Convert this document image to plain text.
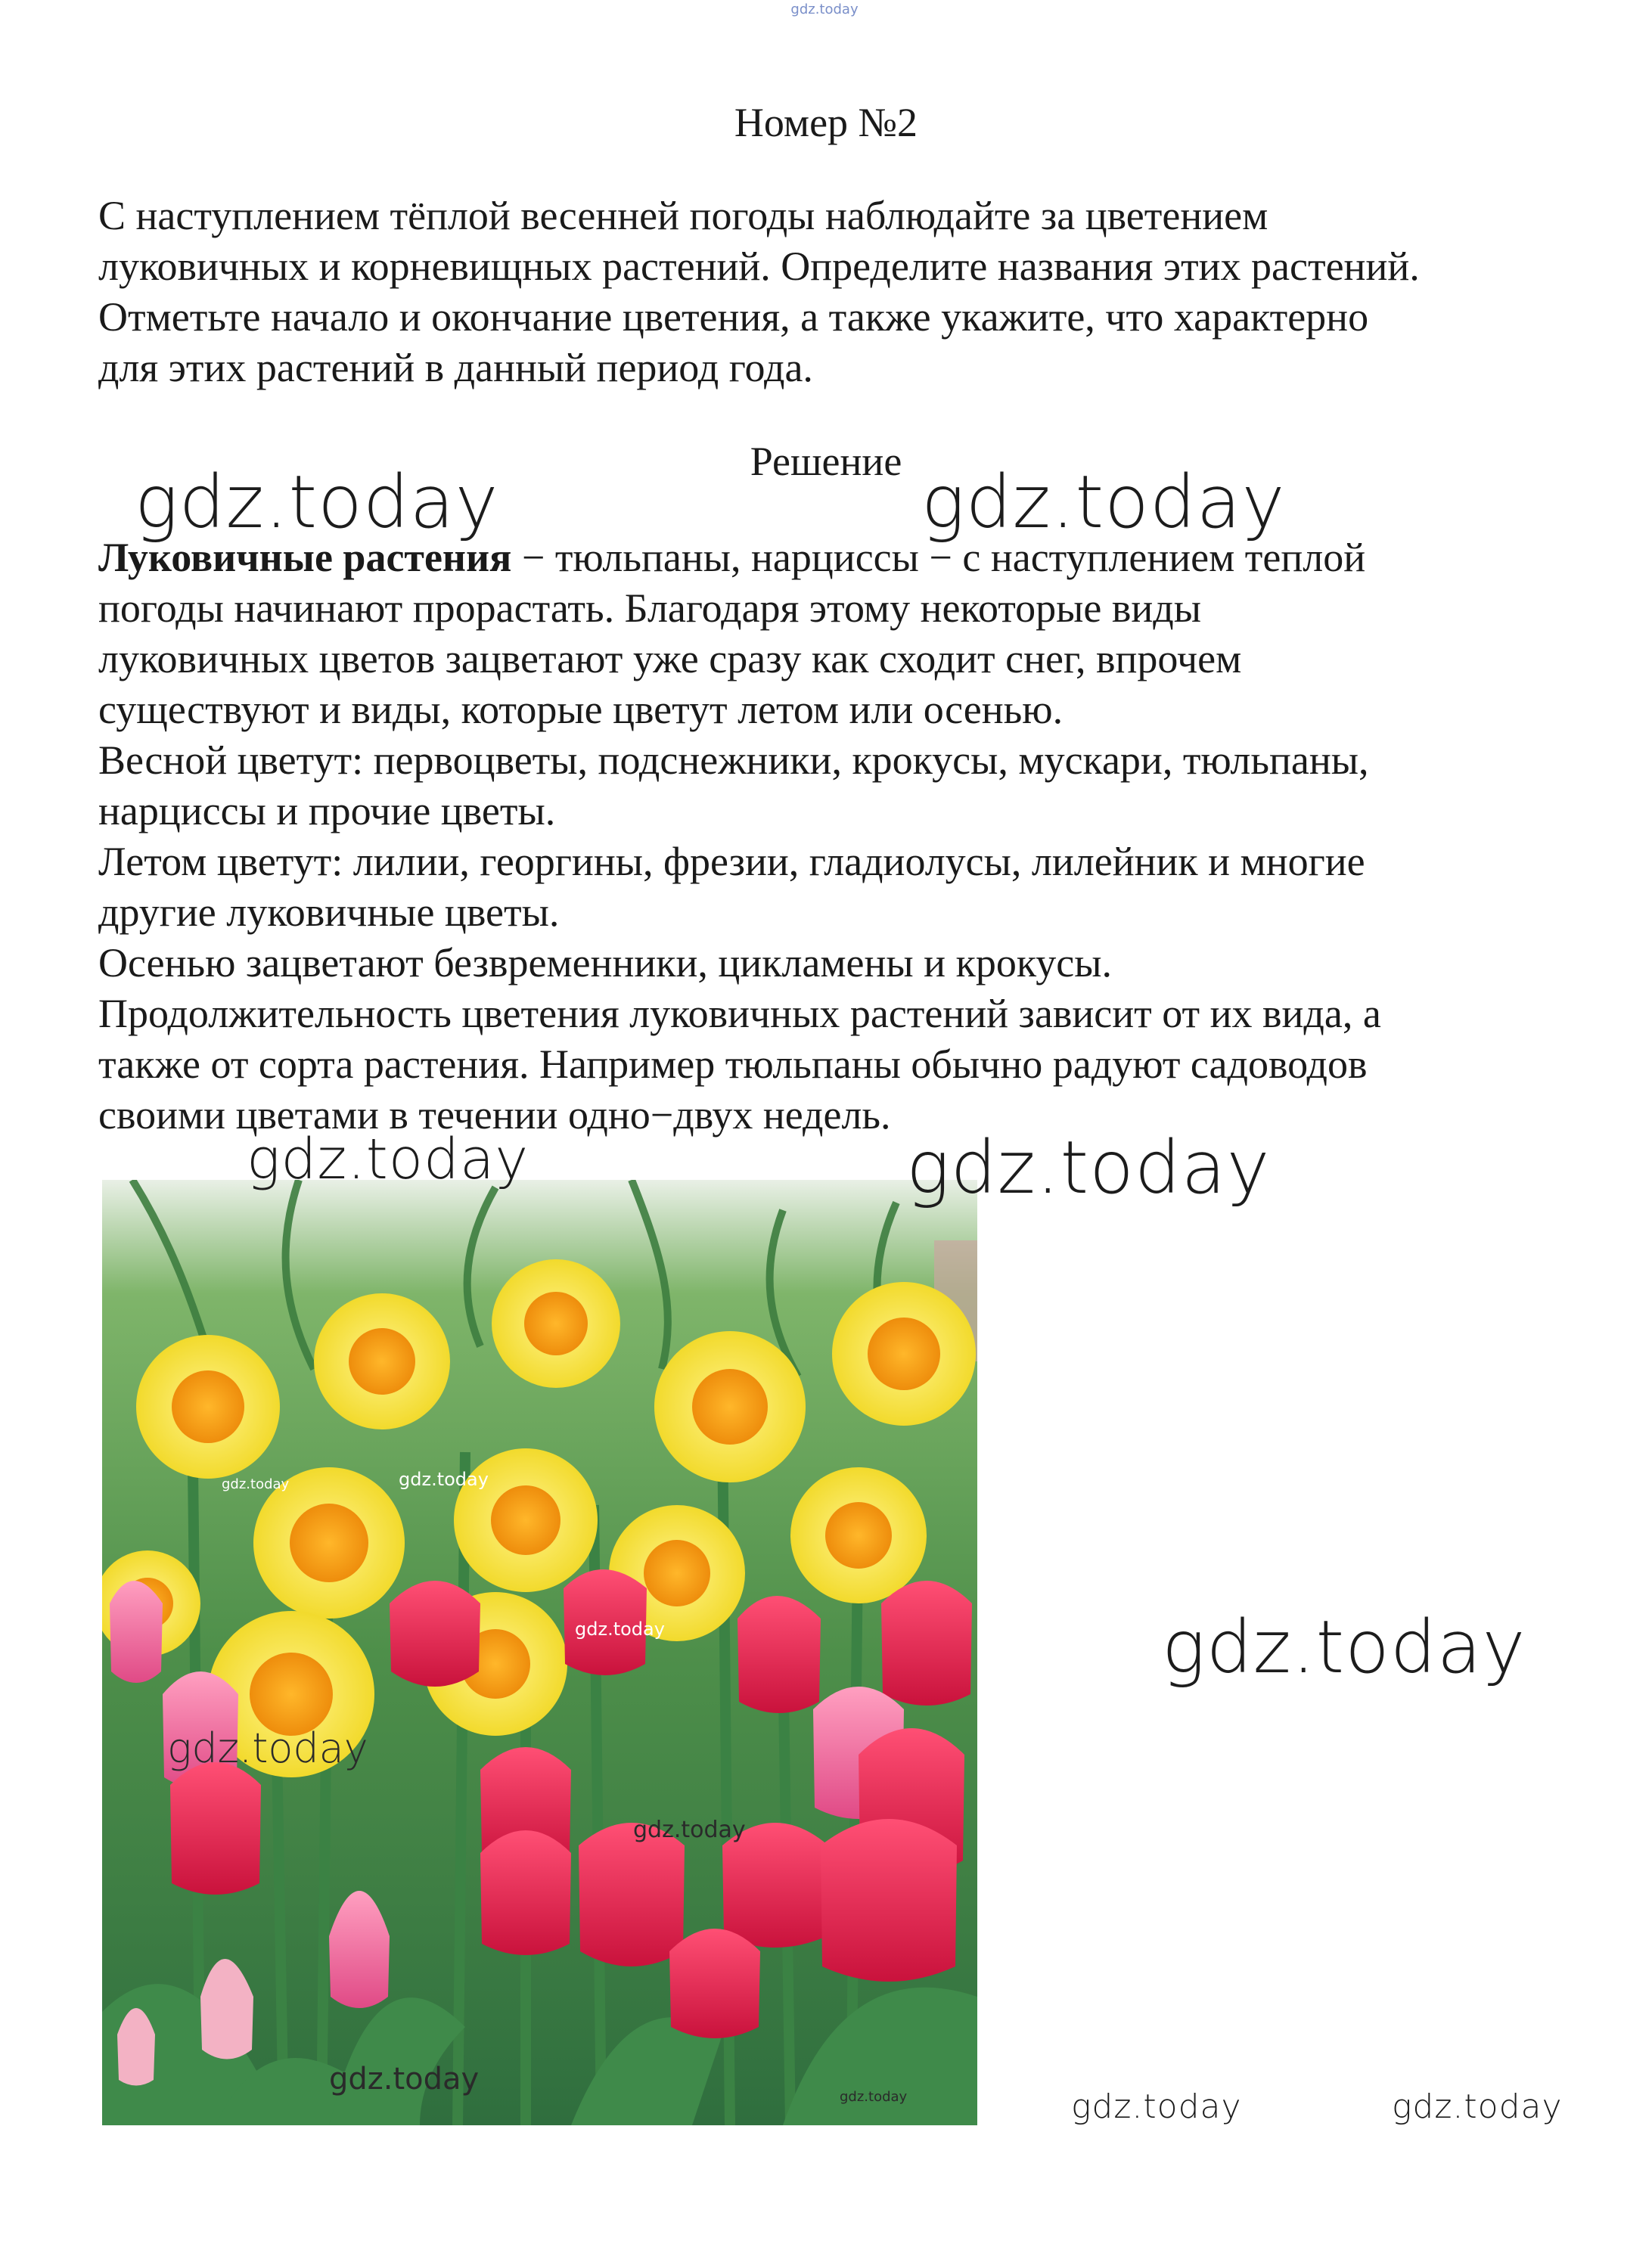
gdz.today
Номер №2

С наступлением тёплой весенней погоды наблюдайте за цветением

луковичных и корневищных растений. Определите названия этих растений.

Отметьте начало и окончание цветения, а также укажите, что характерно

для этих растений в данный период года.

Решение

Луковичные растения − тюльпаны, нарциссы − с наступлением теплой

погоды начинают прорастать. Благодаря этому некоторые виды

луковичных цветов зацветают уже сразу как сходит снег, впрочем

существуют и виды, которые цветут летом или осенью.

Весной цветут: первоцветы, подснежники, крокусы, мускари, тюльпаны,

нарциссы и прочие цветы.

Летом цветут: лилии, георгины, фрезии, гладиолусы, лилейник и многие

другие луковичные цветы.

Осенью зацветают безвременники, цикламены и крокусы.

Продолжительность цветения луковичных растений зависит от их вида, а

также от сорта растения. Например тюльпаны обычно радуют садоводов

своими цветами в течении одно−двух недель.

gdz.today	gdz.today
gdz.today
gdz.today
gdz.today
gdz.today
gdz.today
gdz.today	gdz.today
gdz.today	gdz.today
gdz.today
gdz.today	gdz.today
